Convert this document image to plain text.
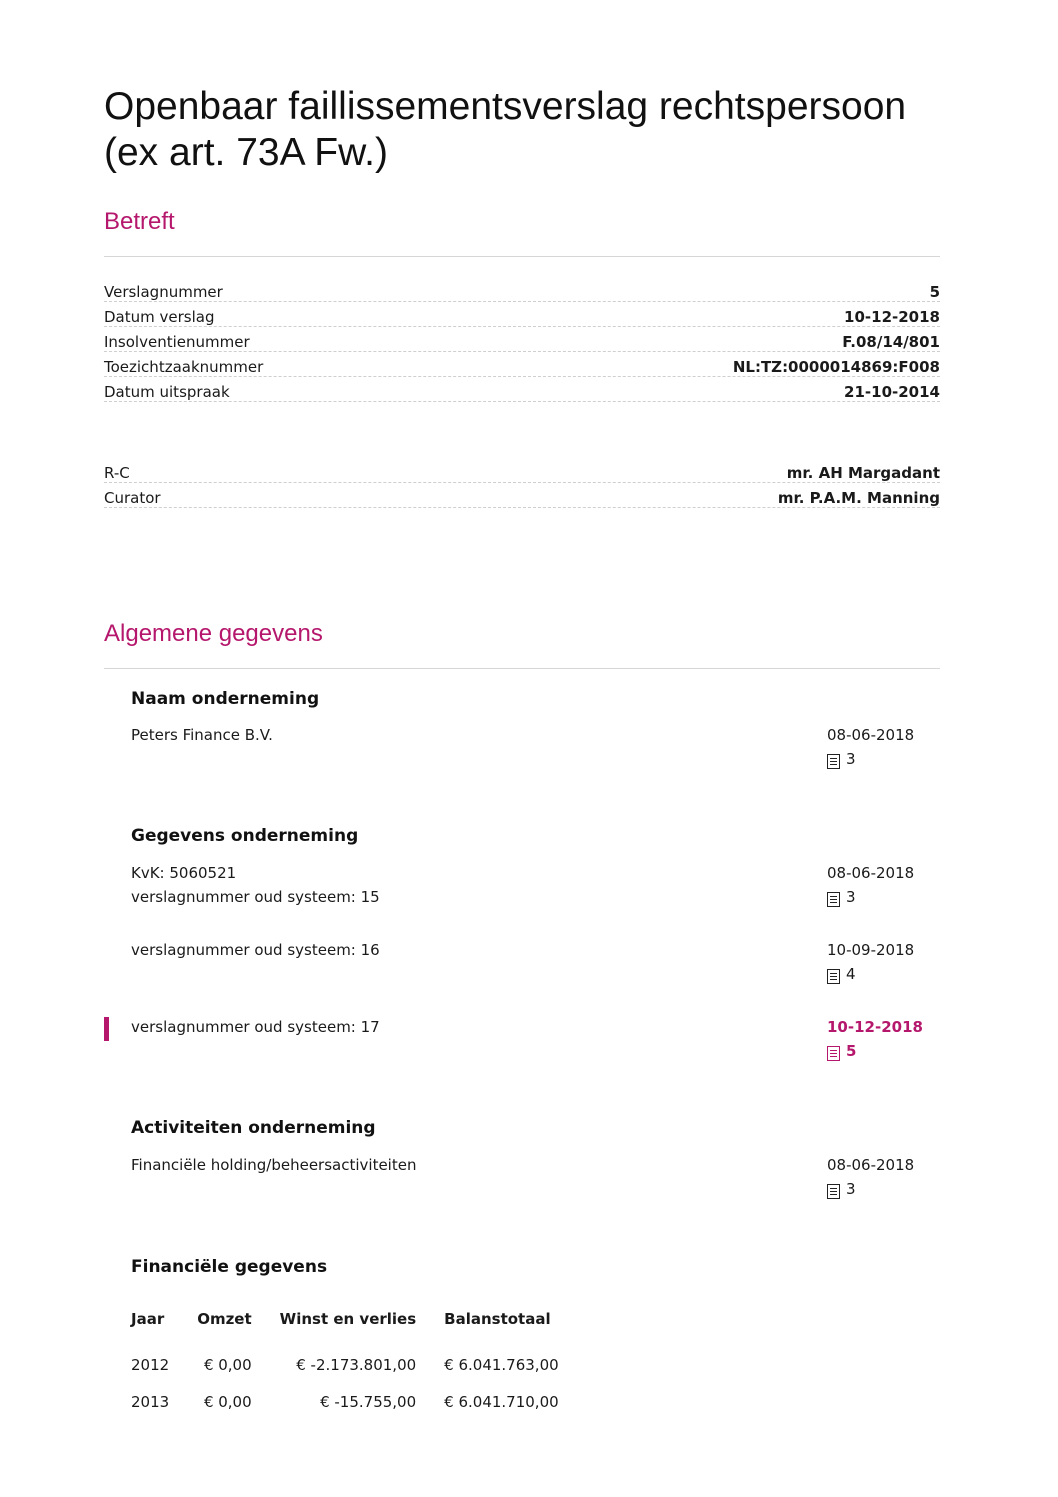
Openbaar faillissementsverslag rechtspersoon (ex art. 73A Fw.)
Betreft
Verslagnummer	5
Datum verslag	10-12-2018
Insolventienummer	F.08/14/801
Toezichtzaaknummer	NL:TZ:0000014869:F008
Datum uitspraak	21-10-2014
R-C	mr. AH Margadant
Curator	mr. P.A.M. Manning
Algemene gegevens
Naam onderneming
Peters Finance B.V.	08-06-2018
3
Gegevens onderneming
KvK: 5060521
verslagnummer oud systeem: 15
08-06-2018
3
verslagnummer oud systeem: 16	10-09-2018
4
verslagnummer oud systeem: 17	10-12-2018
5
Activiteiten onderneming
Financiële holding/beheersactiviteiten	08-06-2018
3
Financiële gegevens
Jaar	Omzet	Winst en verlies	Balanstotaal
2012	€ 0,00	€ -2.173.801,00	€ 6.041.763,00
2013	€ 0,00	€ -15.755,00	€ 6.041.710,00
